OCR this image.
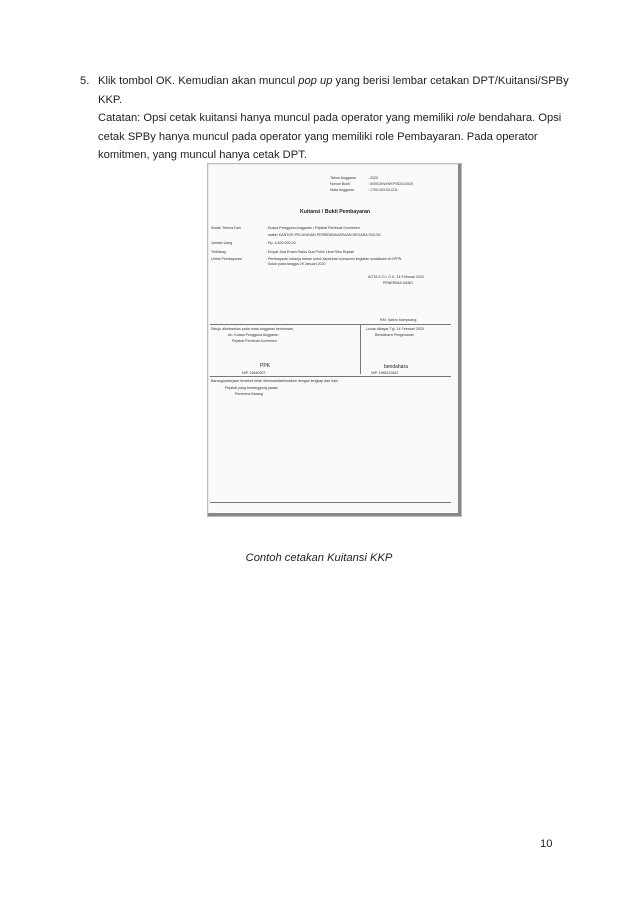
5. Klik tombol OK. Kemudian akan muncul pop up yang berisi lembar cetakan DPT/Kuitansi/SPBy KKP.

Catatan: Opsi cetak kuitansi hanya muncul pada operator yang memiliki role bendahara. Opsi cetak SPBy hanya muncul pada operator yang memiliki role Pembayaran. Pada operator komitmen, yang muncul hanya cetak DPT.

Tahun Anggaran	: 2020
Nomor Bukti	: 00001/KW/KKP/SD/1/2020
Mata Anggaran	: 1700.003.521211
Kuitansi / Bukti Pembayaran
Sudah Terima Dari	: Kuasa Pengguna Anggaran / Pejabat Pembuat Komitmen
satker KANTOR PELAYANAN PERBENDAHARAAN NEGARA SOLOK
Jumlah Uang	: Rp. 4.620.000,00
Terbilang	: Empat Juta Enam Ratus Dua Puluh Lima Ribu Rupiah
Untuk Pembayaran	: Pembayaran belanja bahan untuk keperluan konsumsi kegiatan sosialisasi di KPPN
Solok pada tanggal 29 Januari 2020
KOTA S O L O K, 14 Februari 2020
PENERIMA UANG
RM. Salero Kampuang
Setuju dibebankan pada mata anggaran berkenaan,
An. Kuasa Pengguna Anggaran
Pejabat Pembuat Komitmen
Lunas dibayar Tgl. 14 Februari 2020
Bendahara Pengeluaran
PPK
NIP. 19640927
bendahara
NIP. 1985112602
Barang/pekerjaan tersebut telah diterima/diselesaikan dengan lengkap dan baik
Pejabat yang bertanggung jawab
Penerima Barang
Contoh cetakan Kuitansi KKP
10
